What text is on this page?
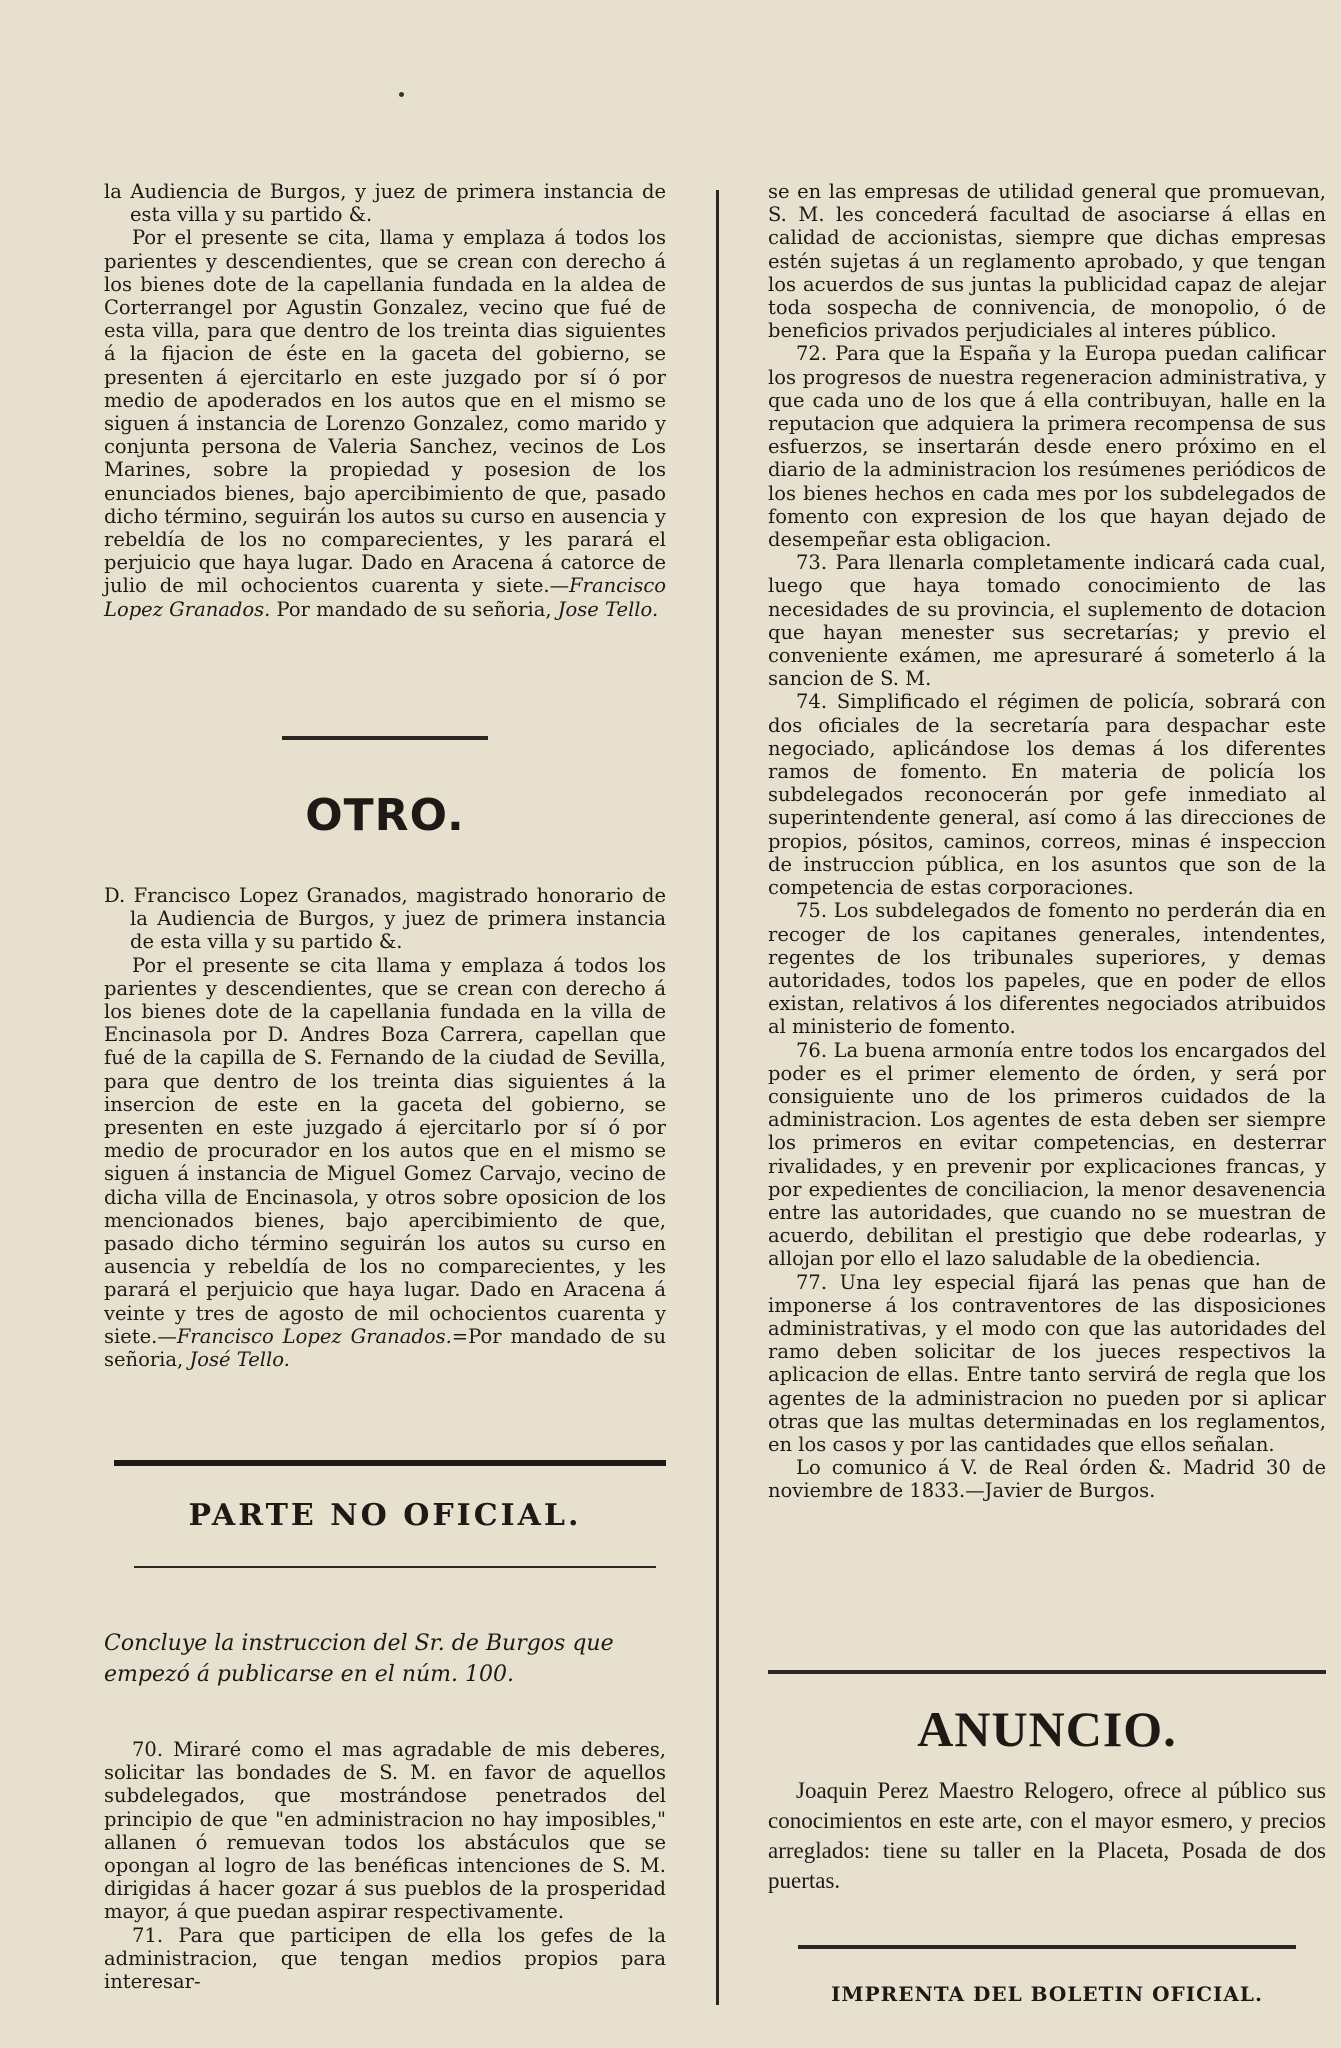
la Audiencia de Burgos, y juez de primera instancia de esta villa y su partido &.

Por el presente se cita, llama y emplaza á todos los parientes y descendientes, que se crean con derecho á los bienes dote de la capellania fundada en la aldea de Corterrangel por Agustin Gonzalez, vecino que fué de esta villa, para que dentro de los treinta dias siguientes á la fijacion de éste en la gaceta del gobierno, se presenten á ejercitarlo en este juzgado por sí ó por medio de apoderados en los autos que en el mismo se siguen á instancia de Lorenzo Gonzalez, como marido y conjunta persona de Valeria Sanchez, vecinos de Los Marines, sobre la propiedad y posesion de los enunciados bienes, bajo apercibimiento de que, pasado dicho término, seguirán los autos su curso en ausencia y rebeldía de los no comparecientes, y les parará el perjuicio que haya lugar. Dado en Aracena á catorce de julio de mil ochocientos cuarenta y siete.—Francisco Lopez Granados. Por mandado de su señoria, Jose Tello.

OTRO.

D. Francisco Lopez Granados, magistrado honorario de la Audiencia de Burgos, y juez de primera instancia de esta villa y su partido &.

Por el presente se cita llama y emplaza á todos los parientes y descendientes, que se crean con derecho á los bienes dote de la capellania fundada en la villa de Encinasola por D. Andres Boza Carrera, capellan que fué de la capilla de S. Fernando de la ciudad de Sevilla, para que dentro de los treinta dias siguientes á la insercion de este en la gaceta del gobierno, se presenten en este juzgado á ejercitarlo por sí ó por medio de procurador en los autos que en el mismo se siguen á instancia de Miguel Gomez Carvajo, vecino de dicha villa de Encinasola, y otros sobre oposicion de los mencionados bienes, bajo apercibimiento de que, pasado dicho término seguirán los autos su curso en ausencia y rebeldía de los no comparecientes, y les parará el perjuicio que haya lugar. Dado en Aracena á veinte y tres de agosto de mil ochocientos cuarenta y siete.—Francisco Lopez Granados.=Por mandado de su señoria, José Tello.

PARTE NO OFICIAL.

Concluye la instruccion del Sr. de Burgos que empezó á publicarse en el núm. 100.

70. Miraré como el mas agradable de mis deberes, solicitar las bondades de S. M. en favor de aquellos subdelegados, que mostrándose penetrados del principio de que "en administracion no hay imposibles," allanen ó remuevan todos los abstáculos que se opongan al logro de las benéficas intenciones de S. M. dirigidas á hacer gozar á sus pueblos de la prosperidad mayor, á que puedan aspirar respectivamente.

71. Para que participen de ella los gefes de la administracion, que tengan medios propios para interesar-

se en las empresas de utilidad general que promuevan, S. M. les concederá facultad de asociarse á ellas en calidad de accionistas, siempre que dichas empresas estén sujetas á un reglamento aprobado, y que tengan los acuerdos de sus juntas la publicidad capaz de alejar toda sospecha de connivencia, de monopolio, ó de beneficios privados perjudiciales al interes público.

72. Para que la España y la Europa puedan calificar los progresos de nuestra regeneracion administrativa, y que cada uno de los que á ella contribuyan, halle en la reputacion que adquiera la primera recompensa de sus esfuerzos, se insertarán desde enero próximo en el diario de la administracion los resúmenes periódicos de los bienes hechos en cada mes por los subdelegados de fomento con expresion de los que hayan dejado de desempeñar esta obligacion.

73. Para llenarla completamente indicará cada cual, luego que haya tomado conocimiento de las necesidades de su provincia, el suplemento de dotacion que hayan menester sus secretarías; y previo el conveniente exámen, me apresuraré á someterlo á la sancion de S. M.

74. Simplificado el régimen de policía, sobrará con dos oficiales de la secretaría para despachar este negociado, aplicándose los demas á los diferentes ramos de fomento. En materia de policía los subdelegados reconocerán por gefe inmediato al superintendente general, así como á las direcciones de propios, pósitos, caminos, correos, minas é inspeccion de instruccion pública, en los asuntos que son de la competencia de estas corporaciones.

75. Los subdelegados de fomento no perderán dia en recoger de los capitanes generales, intendentes, regentes de los tribunales superiores, y demas autoridades, todos los papeles, que en poder de ellos existan, relativos á los diferentes negociados atribuidos al ministerio de fomento.

76. La buena armonía entre todos los encargados del poder es el primer elemento de órden, y será por consiguiente uno de los primeros cuidados de la administracion. Los agentes de esta deben ser siempre los primeros en evitar competencias, en desterrar rivalidades, y en prevenir por explicaciones francas, y por expedientes de conciliacion, la menor desavenencia entre las autoridades, que cuando no se muestran de acuerdo, debilitan el prestigio que debe rodearlas, y allojan por ello el lazo saludable de la obediencia.

77. Una ley especial fijará las penas que han de imponerse á los contraventores de las disposiciones administrativas, y el modo con que las autoridades del ramo deben solicitar de los jueces respectivos la aplicacion de ellas. Entre tanto servirá de regla que los agentes de la administracion no pueden por si aplicar otras que las multas determinadas en los reglamentos, en los casos y por las cantidades que ellos señalan.

Lo comunico á V. de Real órden &. Madrid 30 de noviembre de 1833.—Javier de Burgos.

ANUNCIO.

Joaquin Perez Maestro Relogero, ofrece al público sus conocimientos en este arte, con el mayor esmero, y precios arreglados: tiene su taller en la Placeta, Posada de dos puertas.

IMPRENTA DEL BOLETIN OFICIAL.
